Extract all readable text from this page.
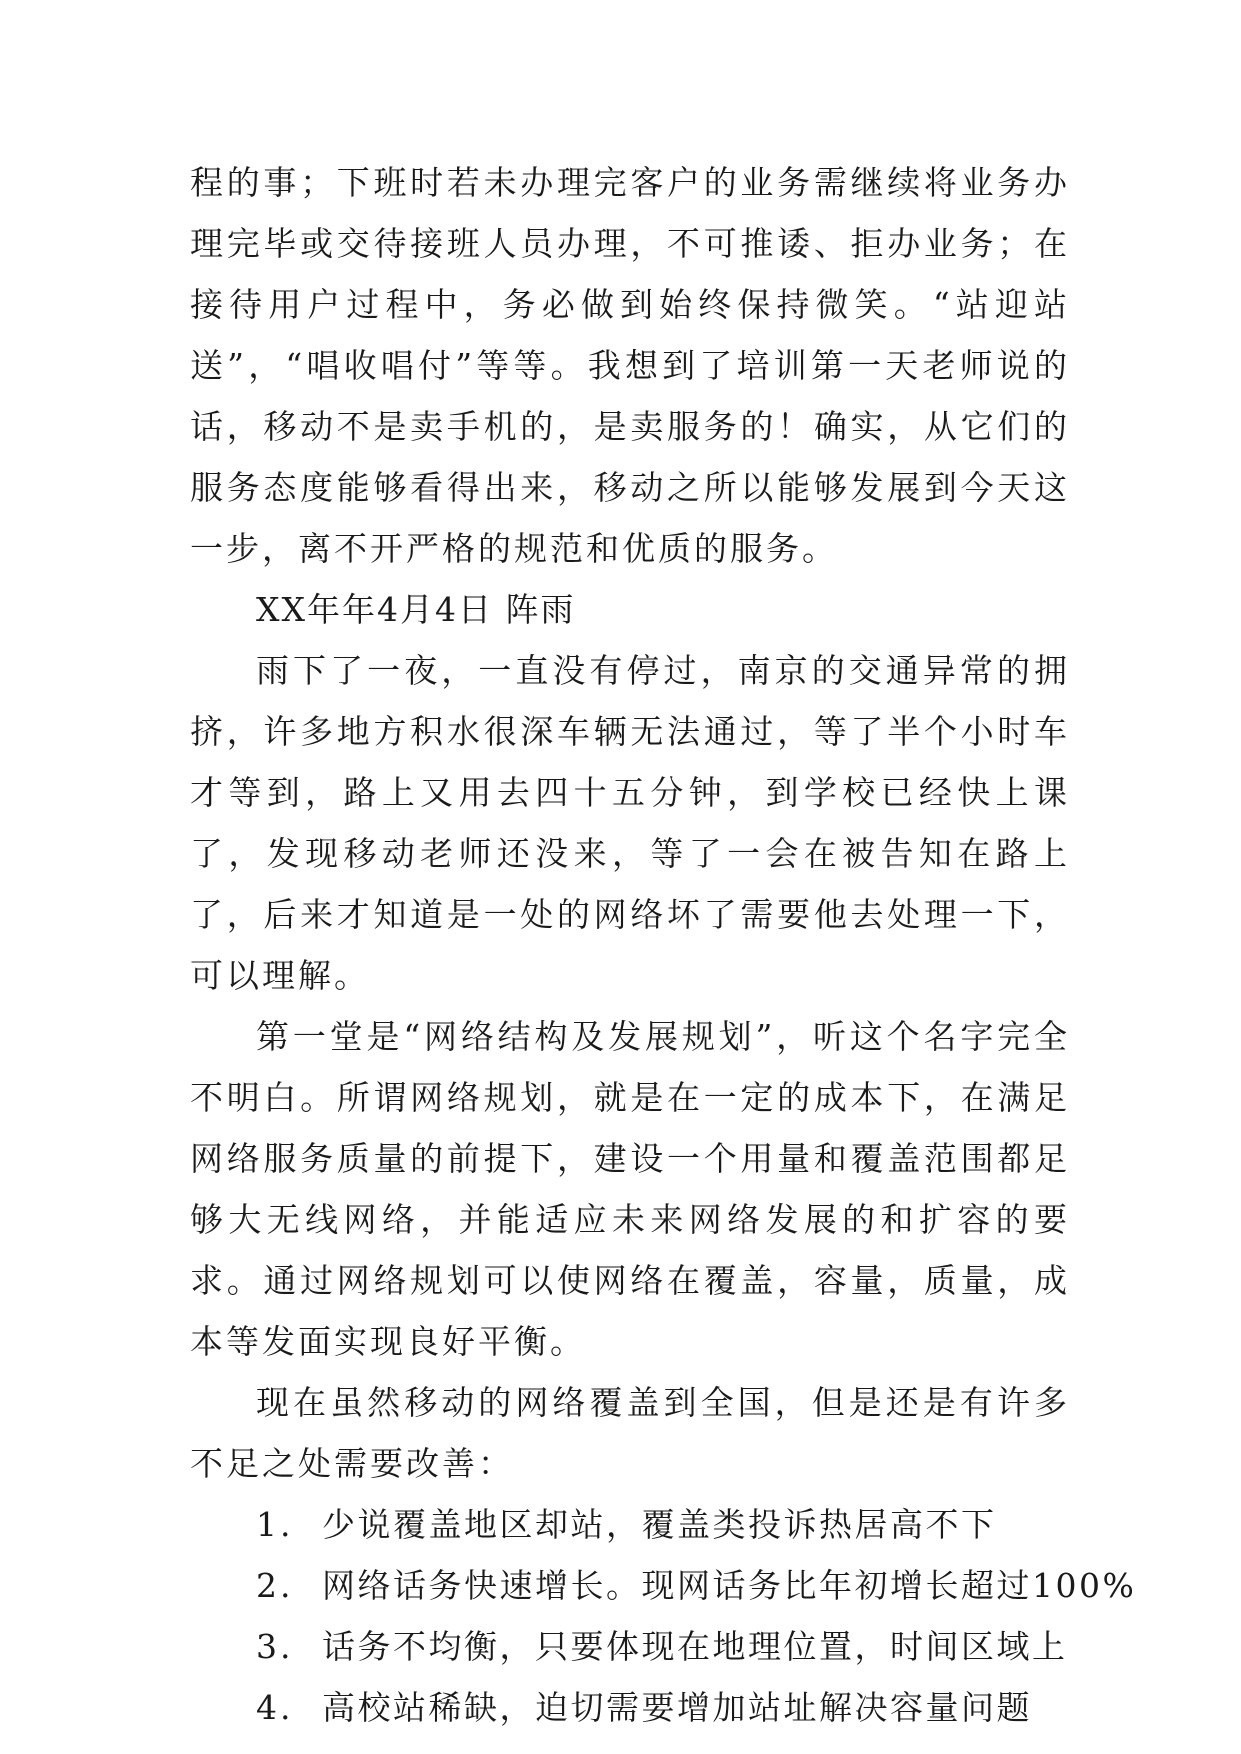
程的事；下班时若未办理完客户的业务需继续将业务办理完毕或交待接班人员办理，不可推诿、拒办业务；在接待用户过程中，务必做到始终保持微笑。“站迎站送”，“唱收唱付”等等。我想到了培训第一天老师说的话，移动不是卖手机的，是卖服务的！确实，从它们的服务态度能够看得出来，移动之所以能够发展到今天这一步，离不开严格的规范和优质的服务。

XX年年4月4日 阵雨

雨下了一夜，一直没有停过，南京的交通异常的拥挤，许多地方积水很深车辆无法通过，等了半个小时车才等到，路上又用去四十五分钟，到学校已经快上课了，发现移动老师还没来，等了一会在被告知在路上了，后来才知道是一处的网络坏了需要他去处理一下，可以理解。

第一堂是“网络结构及发展规划”，听这个名字完全不明白。所谓网络规划，就是在一定的成本下，在满足网络服务质量的前提下，建设一个用量和覆盖范围都足够大无线网络，并能适应未来网络发展的和扩容的要求。通过网络规划可以使网络在覆盖，容量，质量，成本等发面实现良好平衡。

现在虽然移动的网络覆盖到全国，但是还是有许多不足之处需要改善：

1. 少说覆盖地区却站，覆盖类投诉热居高不下
2. 网络话务快速增长。现网话务比年初增长超过100%
3. 话务不均衡，只要体现在地理位置，时间区域上
4. 高校站稀缺，迫切需要增加站址解决容量问题
